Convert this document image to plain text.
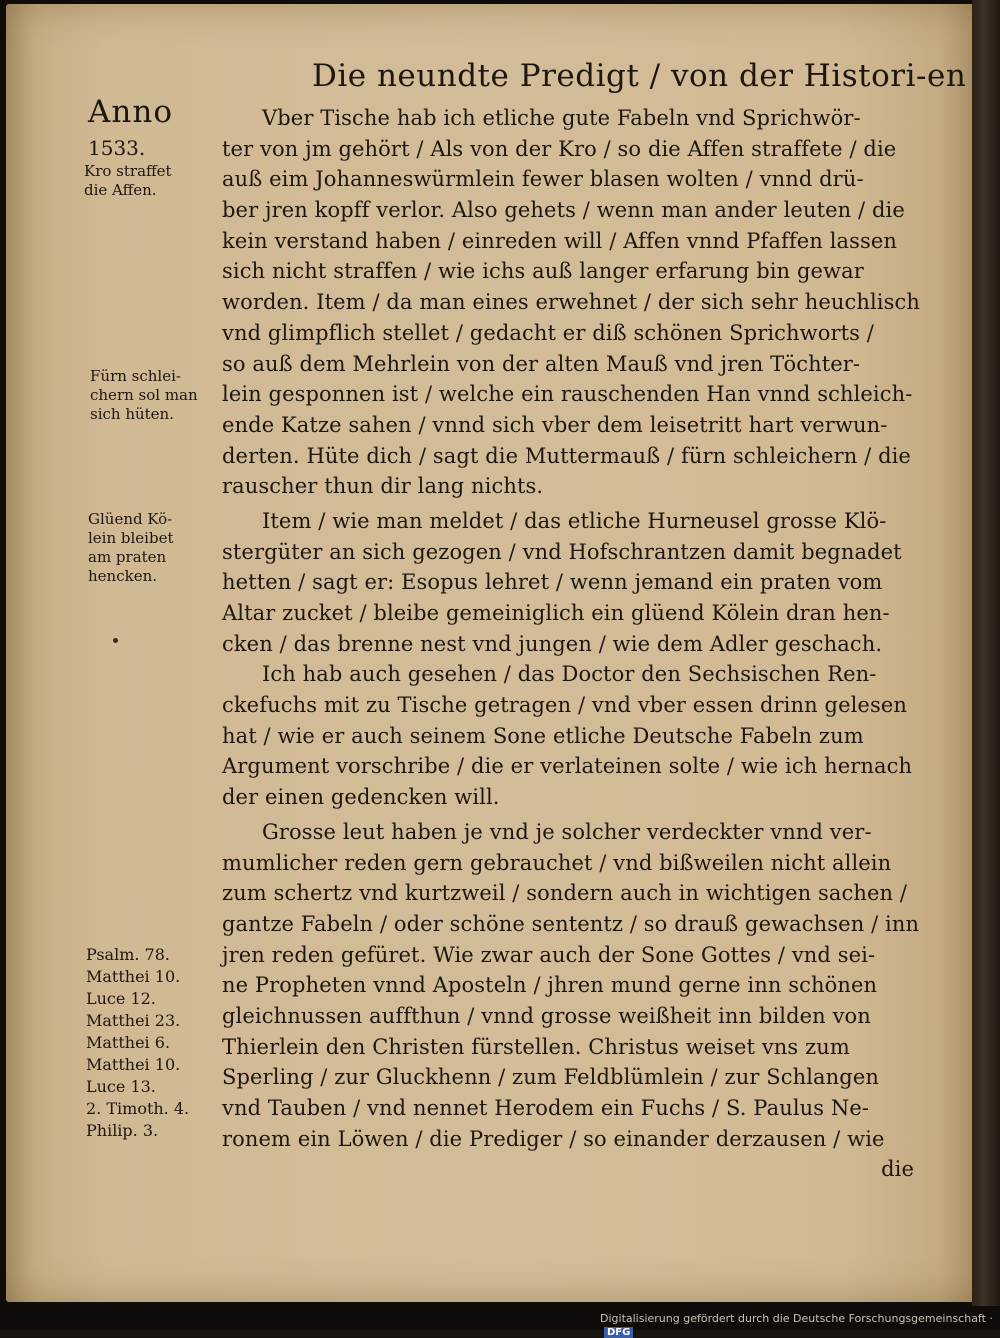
Die neundte Predigt / von der Histori-en
Anno
1533.
Kro straffet
die Affen.
Fürn schlei-
chern sol man
sich hüten.
Glüend Kö-
lein bleibet
am praten
hencken.
Psalm. 78.
Matthei 10.
Luce 12.
Matthei 23.
Matthei 6.
Matthei 10.
Luce 13.
2. Timoth. 4.
Philip. 3.
Vber Tische hab ich etliche gute Fabeln vnd Sprichwör-
ter von jm gehört / Als von der Kro / so die Affen straffete / die
auß eim Johanneswürmlein fewer blasen wolten / vnnd drü-
ber jren kopff verlor. Also gehets / wenn man ander leuten / die
kein verstand haben / einreden will / Affen vnnd Pfaffen lassen
sich nicht straffen / wie ichs auß langer erfarung bin gewar
worden. Item / da man eines erwehnet / der sich sehr heuchlisch
vnd glimpflich stellet / gedacht er diß schönen Sprichworts /
so auß dem Mehrlein von der alten Mauß vnd jren Töchter-
lein gesponnen ist / welche ein rauschenden Han vnnd schleich-
ende Katze sahen / vnnd sich vber dem leisetritt hart verwun-
derten. Hüte dich / sagt die Muttermauß / fürn schleichern / die
rauscher thun dir lang nichts.
Item / wie man meldet / das etliche Hurneusel grosse Klö-
stergüter an sich gezogen / vnd Hofschrantzen damit begnadet
hetten / sagt er: Esopus lehret / wenn jemand ein praten vom
Altar zucket / bleibe gemeiniglich ein glüend Kölein dran hen-
cken / das brenne nest vnd jungen / wie dem Adler geschach.
Ich hab auch gesehen / das Doctor den Sechsischen Ren-
ckefuchs mit zu Tische getragen / vnd vber essen drinn gelesen
hat / wie er auch seinem Sone etliche Deutsche Fabeln zum
Argument vorschribe / die er verlateinen solte / wie ich hernach
der einen gedencken will.
Grosse leut haben je vnd je solcher verdeckter vnnd ver-
mumlicher reden gern gebrauchet / vnd bißweilen nicht allein
zum schertz vnd kurtzweil / sondern auch in wichtigen sachen /
gantze Fabeln / oder schöne sententz / so drauß gewachsen / inn
jren reden gefüret. Wie zwar auch der Sone Gottes / vnd sei-
ne Propheten vnnd Aposteln / jhren mund gerne inn schönen
gleichnussen auffthun / vnnd grosse weißheit inn bilden von
Thierlein den Christen fürstellen. Christus weiset vns zum
Sperling / zur Gluckhenn / zum Feldblümlein / zur Schlangen
vnd Tauben / vnd nennet Herodem ein Fuchs / S. Paulus Ne-
ronem ein Löwen / die Prediger / so einander derzausen / wie
die
Digitalisierung gefördert durch die Deutsche Forschungsgemeinschaft ·DFG
